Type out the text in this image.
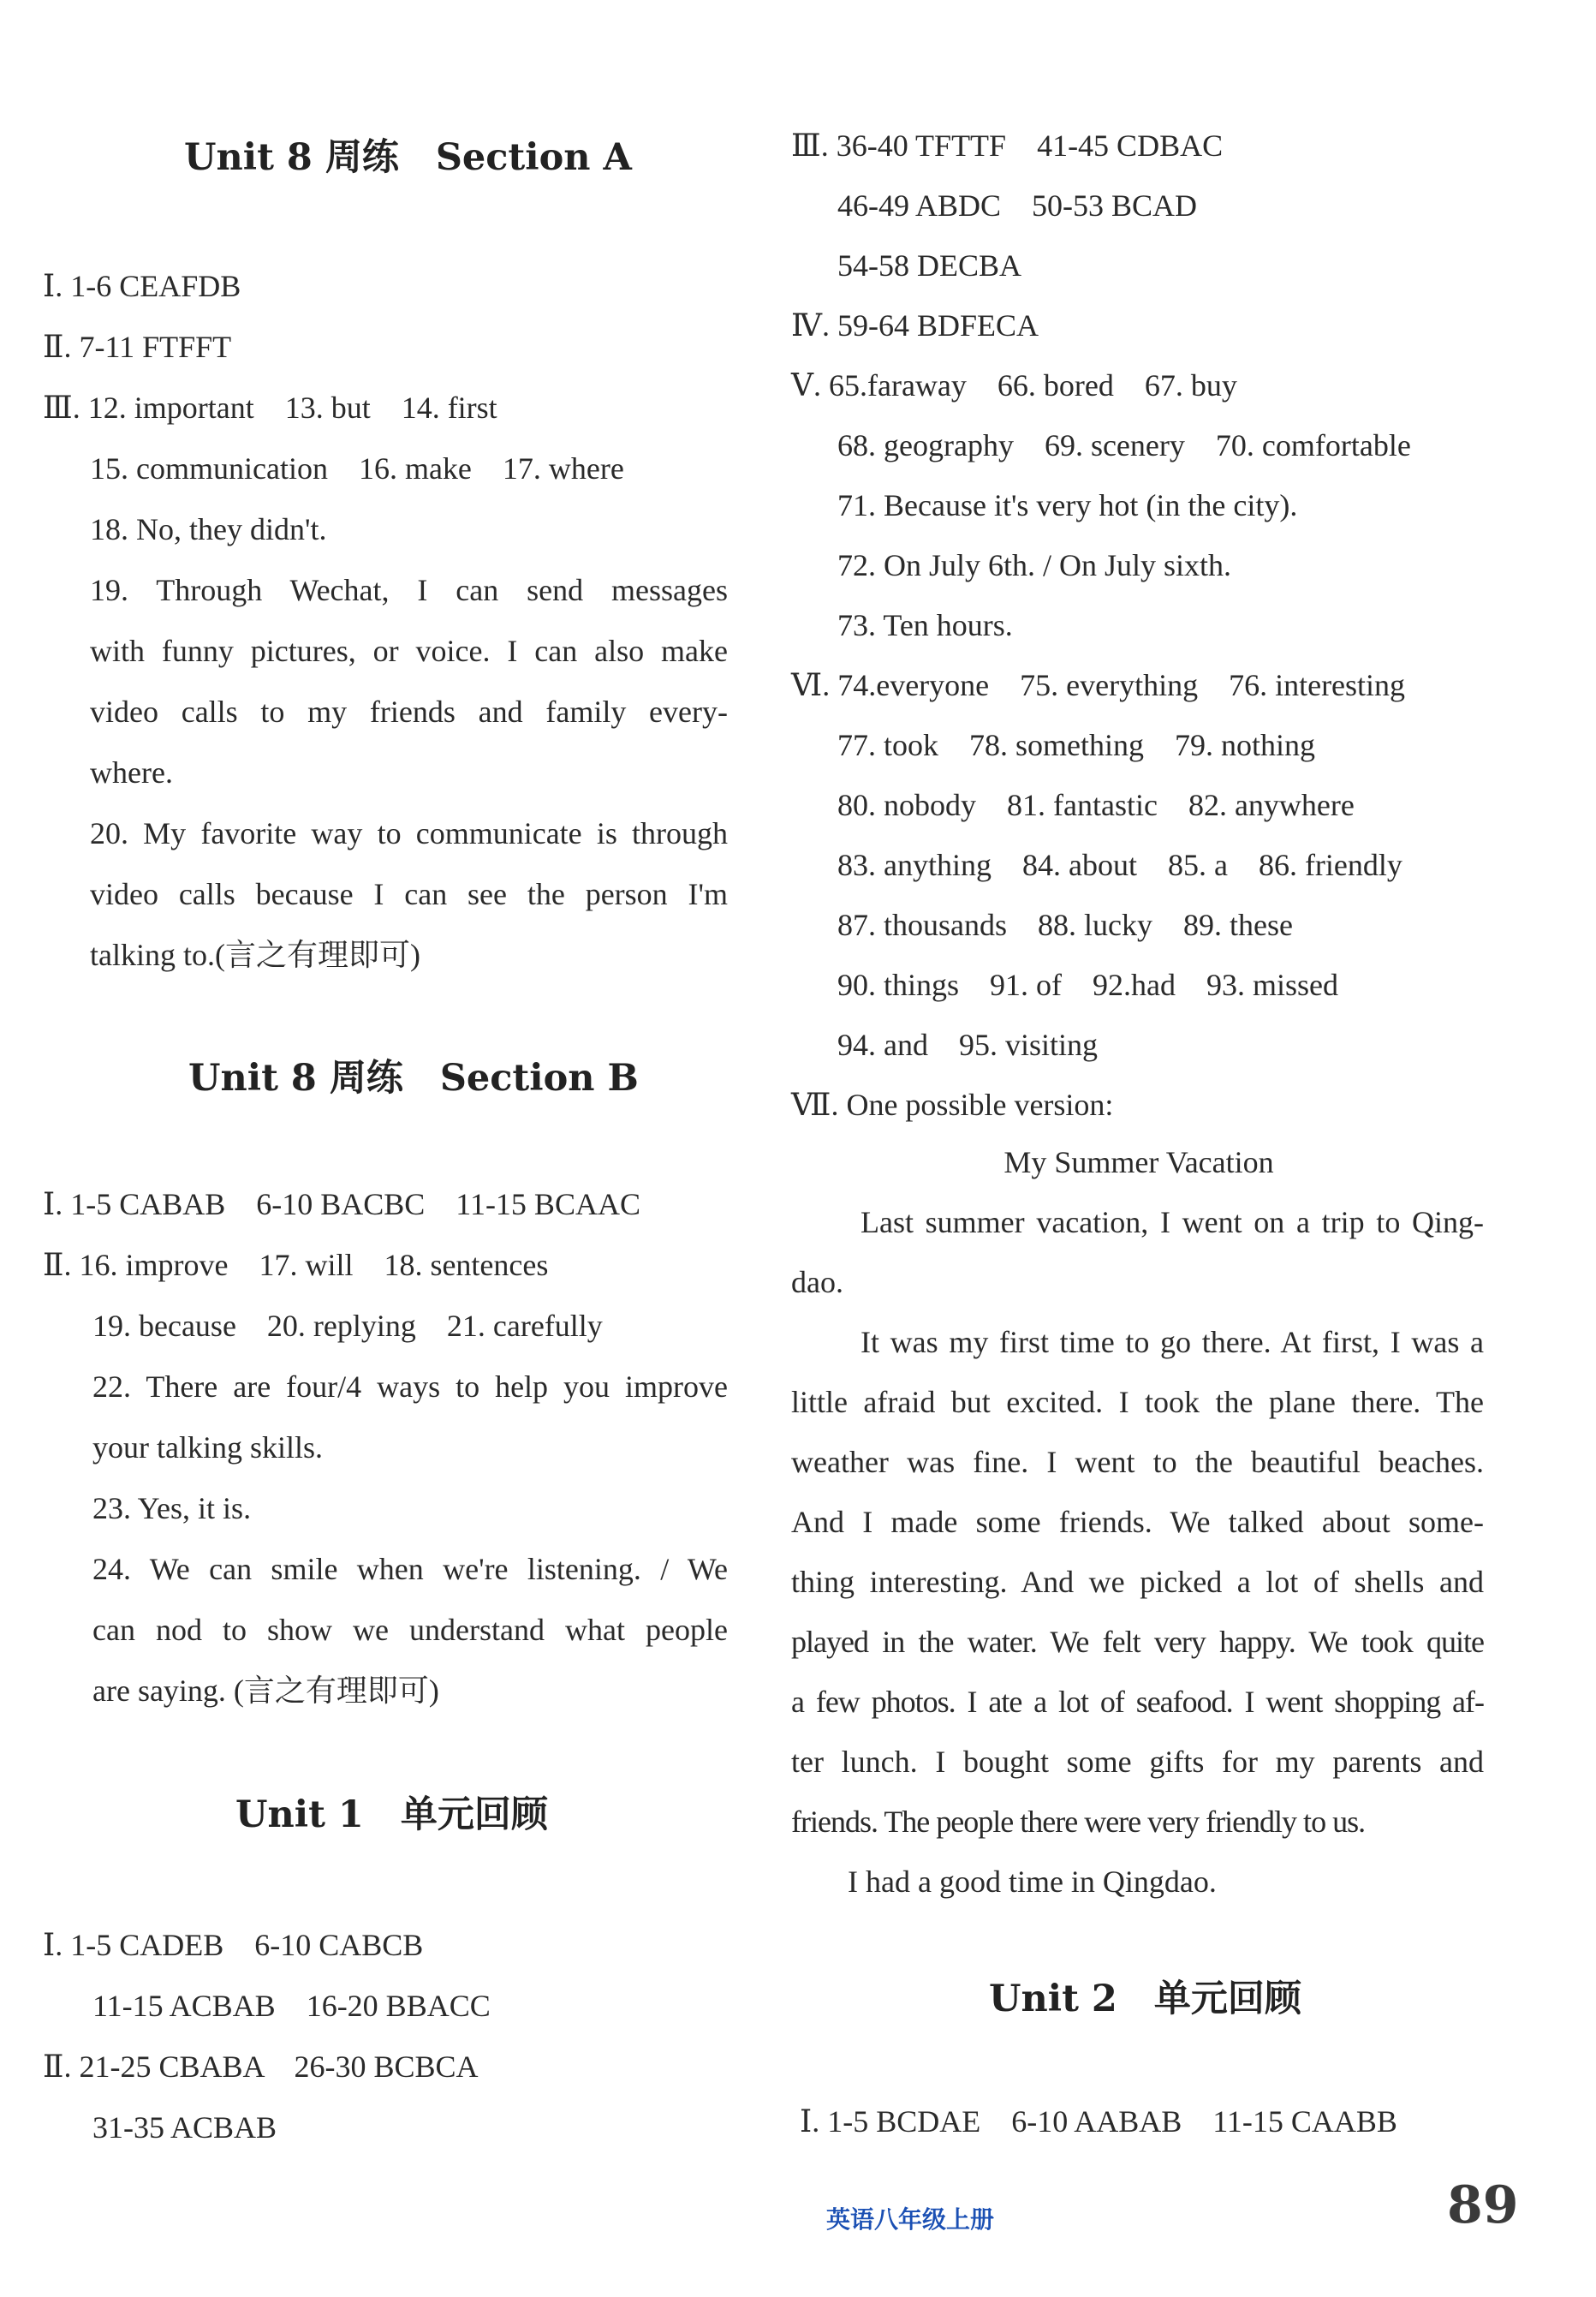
Unit 8 周练　Section A
Ⅰ. 1-6 CEAFDB
Ⅱ. 7-11 FTFFT
Ⅲ. 12. important　13. but　14. first
15. communication　16. make　17. where
18. No, they didn't.
19. Through Wechat, I can send messages
with funny pictures, or voice. I can also make
video calls to my friends and family every-
where.
20. My favorite way to communicate is through
video calls because I can see the person I'm
talking to.(言之有理即可)
Unit 8 周练　Section B
Ⅰ. 1-5 CABAB　6-10 BACBC　11-15 BCAAC
Ⅱ. 16. improve　17. will　18. sentences
19. because　20. replying　21. carefully
22. There are four/4 ways to help you improve
your talking skills.
23. Yes, it is.
24. We can smile when we're listening. / We
can nod to show we understand what people
are saying. (言之有理即可)
Unit 1　单元回顾
Ⅰ. 1-5 CADEB　6-10 CABCB
11-15 ACBAB　16-20 BBACC
Ⅱ. 21-25 CBABA　26-30 BCBCA
31-35 ACBAB
Ⅲ. 36-40 TFTTF　41-45 CDBAC
46-49 ABDC　50-53 BCAD
54-58 DECBA
Ⅳ. 59-64 BDFECA
Ⅴ. 65.faraway　66. bored　67. buy
68. geography　69. scenery　70. comfortable
71. Because it's very hot (in the city).
72. On July 6th. / On July sixth.
73. Ten hours.
Ⅵ. 74.everyone　75. everything　76. interesting
77. took　78. something　79. nothing
80. nobody　81. fantastic　82. anywhere
83. anything　84. about　85. a　86. friendly
87. thousands　88. lucky　89. these
90. things　91. of　92.had　93. missed
94. and　95. visiting
Ⅶ. One possible version:
My Summer Vacation
Last summer vacation, I went on a trip to Qing-
dao.
It was my first time to go there. At first, I was a
little afraid but excited. I took the plane there. The
weather was fine. I went to the beautiful beaches.
And I made some friends. We talked about some-
thing interesting. And we picked a lot of shells and
played in the water. We felt very happy. We took quite
a few photos. I ate a lot of seafood. I went shopping af-
ter lunch. I bought some gifts for my parents and
friends. The people there were very friendly to us.
I had a good time in Qingdao.
Unit 2　单元回顾
Ⅰ. 1-5 BCDAE　6-10 AABAB　11-15 CAABB
英语八年级上册	89
